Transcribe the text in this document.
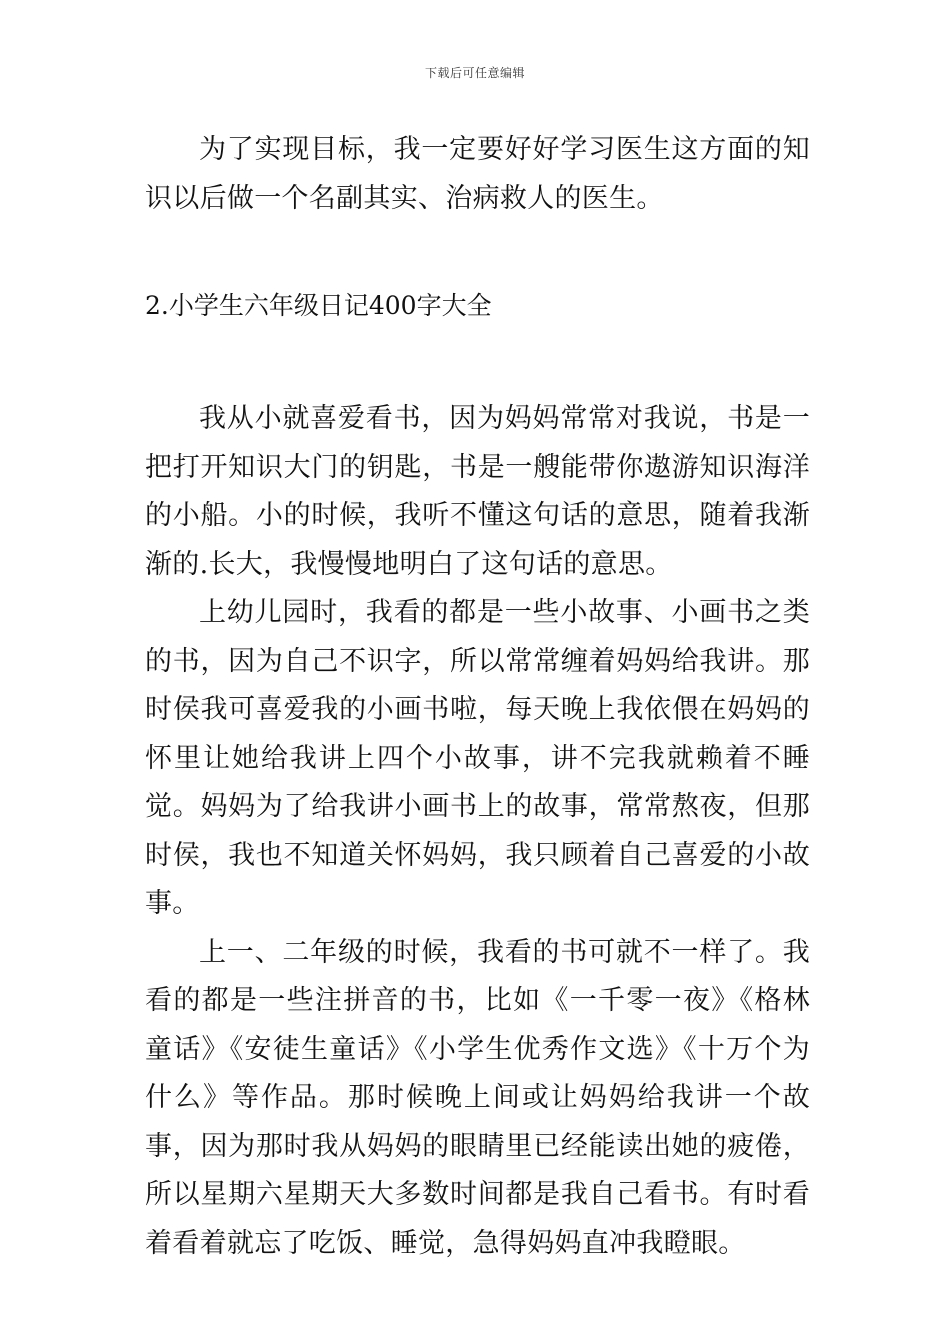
下载后可任意编辑

为了实现目标，我一定要好好学习医生这方面的知识以后做一个名副其实、治病救人的医生。

2.小学生六年级日记400字大全

我从小就喜爱看书，因为妈妈常常对我说，书是一把打开知识大门的钥匙，书是一艘能带你遨游知识海洋的小船。小的时候，我听不懂这句话的意思，随着我渐渐的.长大，我慢慢地明白了这句话的意思。

上幼儿园时，我看的都是一些小故事、小画书之类的书，因为自己不识字，所以常常缠着妈妈给我讲。那时侯我可喜爱我的小画书啦，每天晚上我依偎在妈妈的怀里让她给我讲上四个小故事，讲不完我就赖着不睡觉。妈妈为了给我讲小画书上的故事，常常熬夜，但那时侯，我也不知道关怀妈妈，我只顾着自己喜爱的小故事。

上一、二年级的时候，我看的书可就不一样了。我看的都是一些注拼音的书，比如《一千零一夜》《格林童话》《安徒生童话》《小学生优秀作文选》《十万个为什么》等作品。那时候晚上间或让妈妈给我讲一个故事，因为那时我从妈妈的眼睛里已经能读出她的疲倦，所以星期六星期天大多数时间都是我自己看书。有时看着看着就忘了吃饭、睡觉，急得妈妈直冲我瞪眼。
